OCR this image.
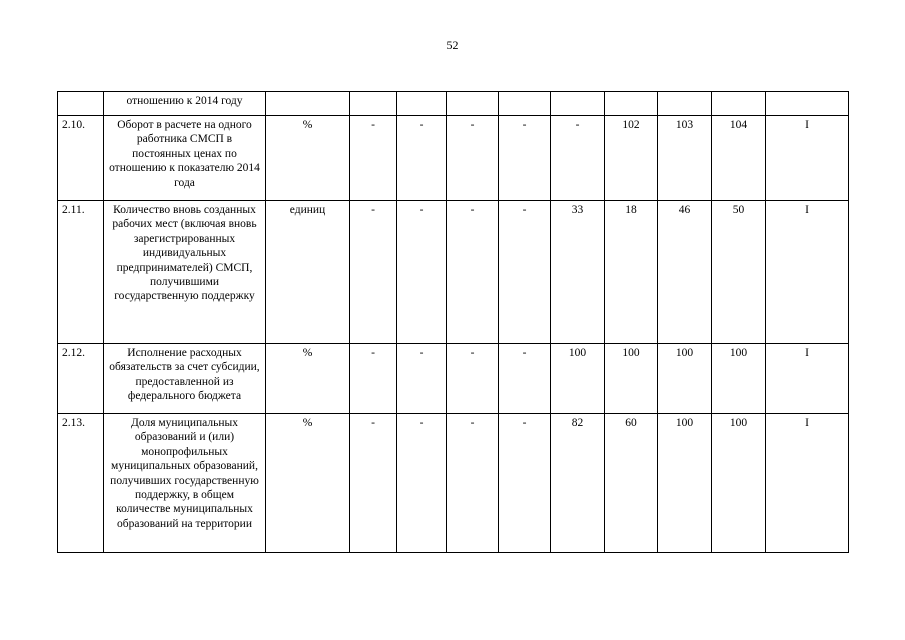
52
	отношению к 2014 году										
2.10.	Оборот в расчете на одного работника СМСП в постоянных ценах по отношению к показателю 2014 года	%	-	-	-	-	-	102	103	104	I
2.11.	Количество вновь созданных рабочих мест (включая вновь зарегистрированных индивидуальных предпринимателей) СМСП, получившими государственную поддержку	единиц	-	-	-	-	33	18	46	50	I
2.12.	Исполнение расходных обязательств за счет субсидии, предоставленной из федерального бюджета	%	-	-	-	-	100	100	100	100	I
2.13.	Доля муниципальных образований и (или) монопрофильных муниципальных образований, получивших государственную поддержку, в общем количестве муниципальных образований на территории	%	-	-	-	-	82	60	100	100	I
